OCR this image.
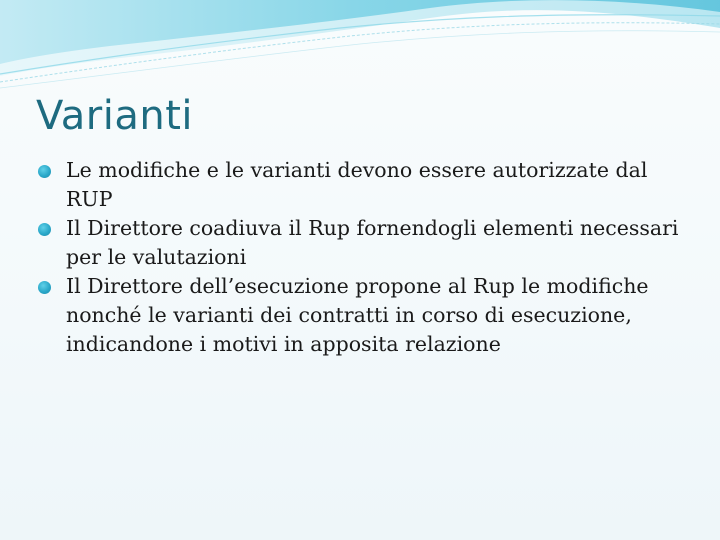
Varianti
Le modifiche e le varianti devono essere autorizzate dal RUP
Il Direttore coadiuva il Rup fornendogli elementi necessari per le valutazioni
Il Direttore dell’esecuzione propone al Rup le modifiche nonché le varianti dei contratti in corso di esecuzione, indicandone i motivi in apposita relazione
